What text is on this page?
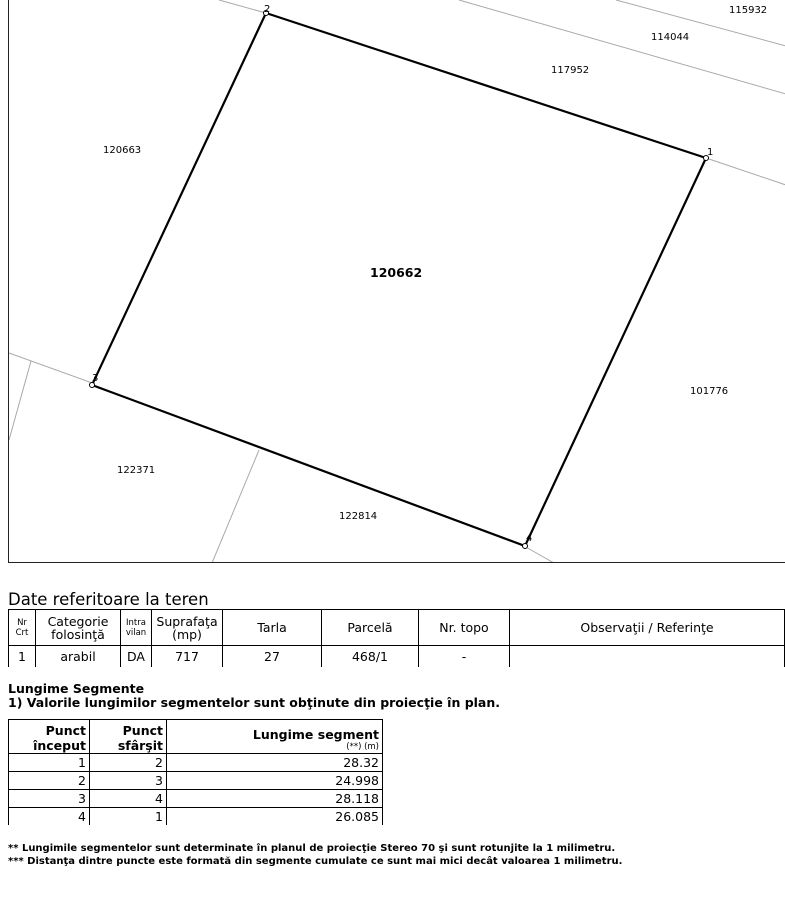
115932
114044
117952
120663
101776
122371
122814
120662
1
2
3
4
Date referitoare la teren
Nr Crt	Categorie folosinţă	Intra vilan	Suprafaţa (mp)	Tarla	Parcelă	Nr. topo	Observaţii / Referinţe
1	arabil	DA	717	27	468/1	-	
Lungime Segmente
1) Valorile lungimilor segmentelor sunt obţinute din proiecţie în plan.
Punct început	Punct sfârşit	Lungime segment
(**) (m)

1	2	28.32
2	3	24.998
3	4	28.118
4	1	26.085
** Lungimile segmentelor sunt determinate în planul de proiecţie Stereo 70 şi sunt rotunjite la 1 milimetru.
*** Distanţa dintre puncte este formată din segmente cumulate ce sunt mai mici decât valoarea 1 milimetru.
